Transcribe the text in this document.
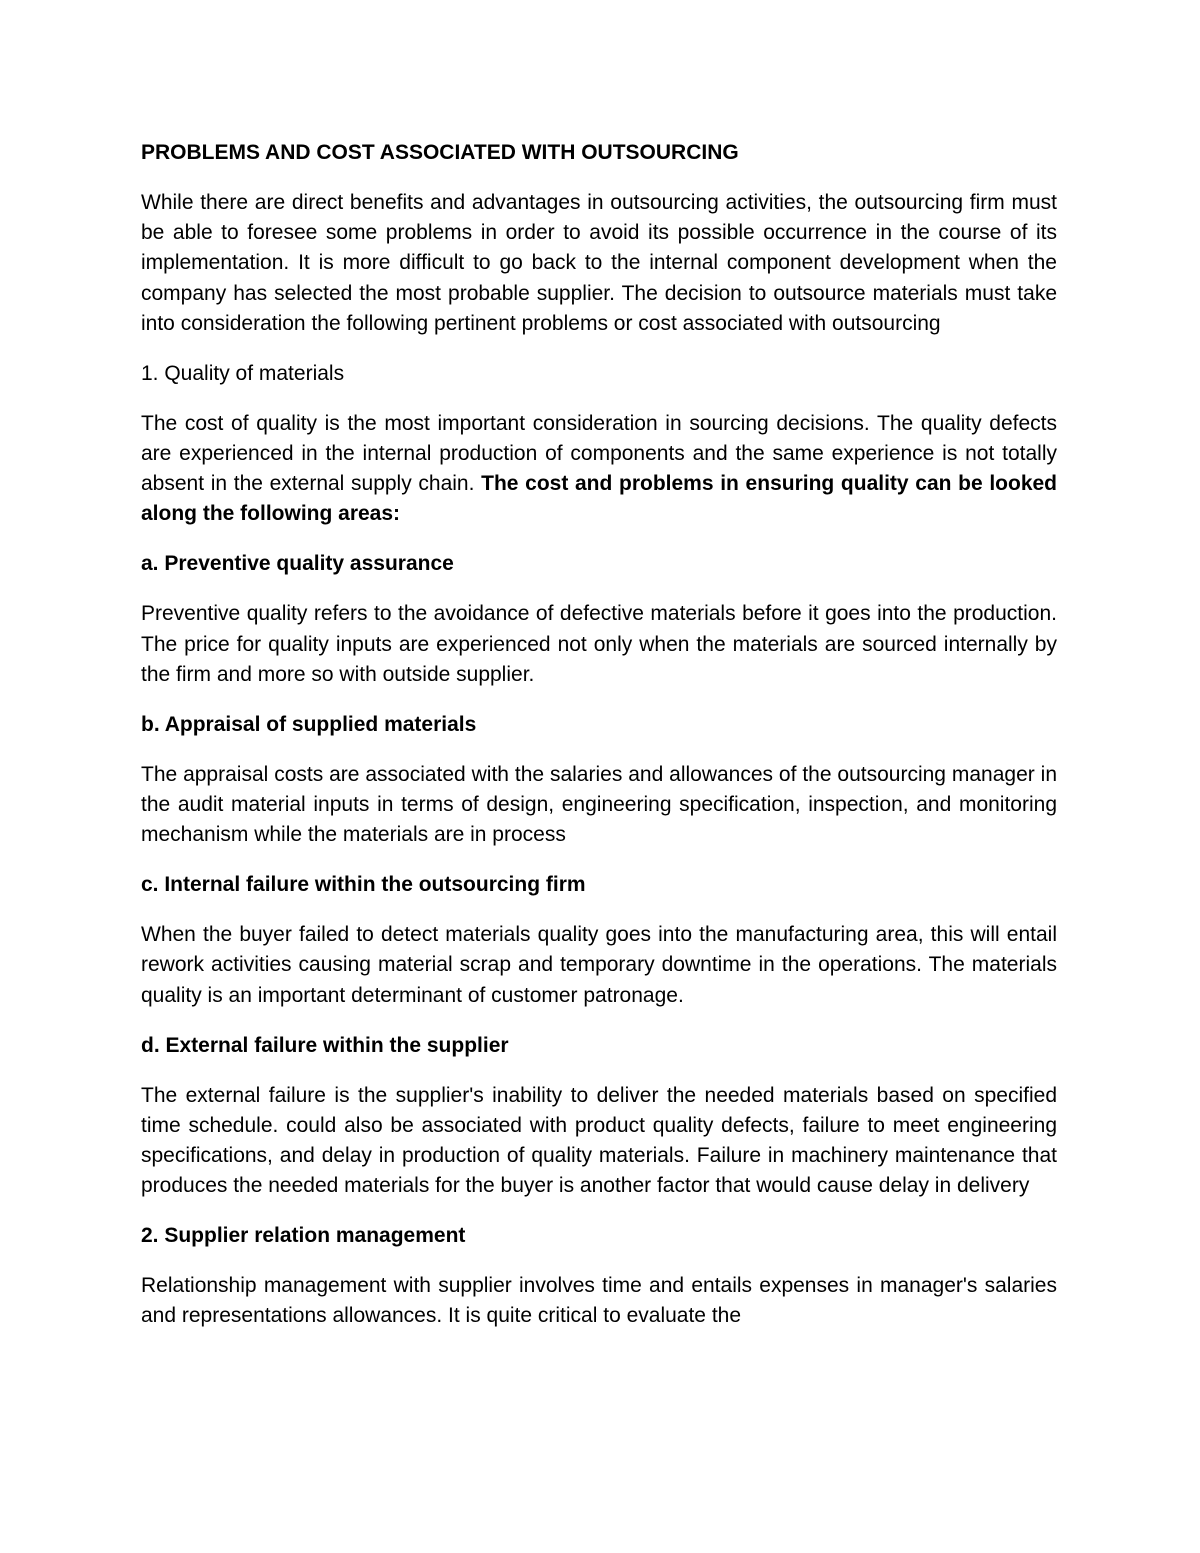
PROBLEMS AND COST ASSOCIATED WITH OUTSOURCING

While there are direct benefits and advantages in outsourcing activities, the outsourcing firm must be able to foresee some problems in order to avoid its possible occurrence in the course of its implementation. It is more difficult to go back to the internal component development when the company has selected the most probable supplier. The decision to outsource materials must take into consideration the following pertinent problems or cost associated with outsourcing

1. Quality of materials

The cost of quality is the most important consideration in sourcing decisions. The quality defects are experienced in the internal production of components and the same experience is not totally absent in the external supply chain. The cost and problems in ensuring quality can be looked along the following areas:

a. Preventive quality assurance

Preventive quality refers to the avoidance of defective materials before it goes into the production. The price for quality inputs are experienced not only when the materials are sourced internally by the firm and more so with outside supplier.

b. Appraisal of supplied materials

The appraisal costs are associated with the salaries and allowances of the outsourcing manager in the audit material inputs in terms of design, engineering specification, inspection, and monitoring mechanism while the materials are in process

c. Internal failure within the outsourcing firm

When the buyer failed to detect materials quality goes into the manufacturing area, this will entail rework activities causing material scrap and temporary downtime in the operations. The materials quality is an important determinant of customer patronage.

d. External failure within the supplier

The external failure is the supplier's inability to deliver the needed materials based on specified time schedule. could also be associated with product quality defects, failure to meet engineering specifications, and delay in production of quality materials. Failure in machinery maintenance that produces the needed materials for the buyer is another factor that would cause delay in delivery

2. Supplier relation management

Relationship management with supplier involves time and entails expenses in manager's salaries and representations allowances. It is quite critical to evaluate the
